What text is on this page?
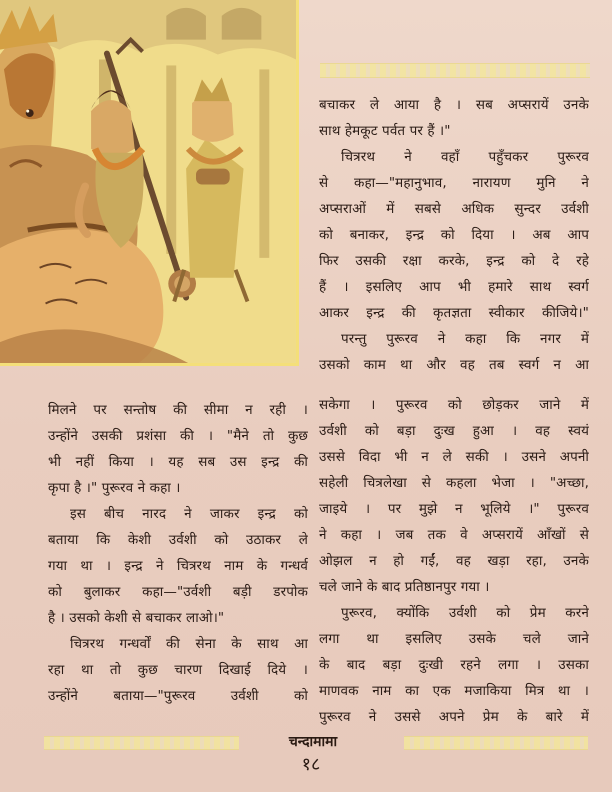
बचाकर ले आया है । सब अप्सरायें उनके
साथ हेमकूट पर्वत पर हैं ।"
चित्ररथ ने वहाँ पहुँचकर पुरूरव
से कहा—"महानुभाव, नारायण मुनि ने
अप्सराओं में सबसे अधिक सुन्दर उर्वशी
को बनाकर, इन्द्र को दिया । अब आप
फिर उसकी रक्षा करके, इन्द्र को दे रहे
हैं । इसलिए आप भी हमारे साथ स्वर्ग
आकर इन्द्र की कृतज्ञता स्वीकार कीजिये।"
परन्तु पुरूरव ने कहा कि नगर में
उसको काम था और वह तब स्वर्ग न आ
मिलने पर सन्तोष की सीमा न रही ।
उन्होंने उसकी प्रशंसा की । "मैने तो कुछ
भी नहीं किया । यह सब उस इन्द्र की
कृपा है ।" पुरूरव ने कहा ।
इस बीच नारद ने जाकर इन्द्र को
बताया कि केशी उर्वशी को उठाकर ले
गया था । इन्द्र ने चित्ररथ नाम के गन्धर्व
को बुलाकर कहा—"उर्वशी बड़ी डरपोक
है । उसको केशी से बचाकर लाओ।"
चित्ररथ गन्धर्वों की सेना के साथ आ
रहा था तो कुछ चारण दिखाई दिये ।
उन्होंने बताया—"पुरूरव उर्वशी को
सकेगा । पुरूरव को छोड़कर जाने में
उर्वशी को बड़ा दुःख हुआ । वह स्वयं
उससे विदा भी न ले सकी । उसने अपनी
सहेली चित्रलेखा से कहला भेजा । "अच्छा,
जाइये । पर मुझे न भूलिये ।" पुरूरव
ने कहा । जब तक वे अप्सरायें आँखों से
ओझल न हो गईं, वह खड़ा रहा, उनके
चले जाने के बाद प्रतिष्ठानपुर गया ।
पुरूरव, क्योंकि उर्वशी को प्रेम करने
लगा था इसलिए उसके चले जाने
के बाद बड़ा दुःखी रहने लगा । उसका
माणवक नाम का एक मजाकिया मित्र था ।
पुरूरव ने उससे अपने प्रेम के बारे में
चन्दामामा
१८
